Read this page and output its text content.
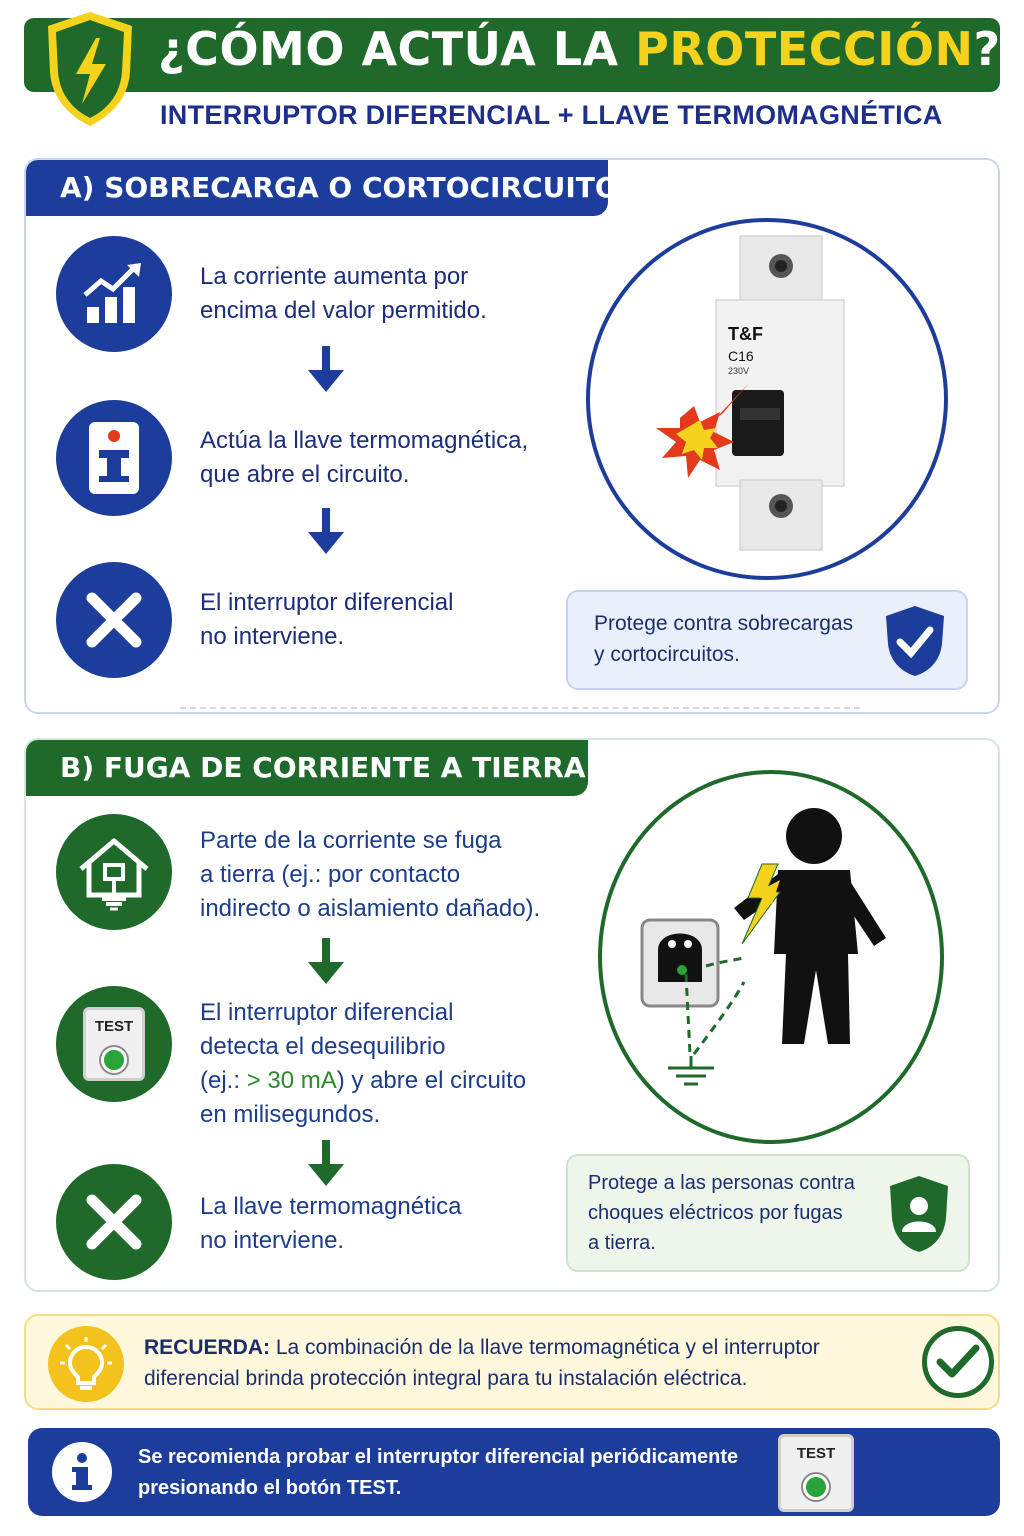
¿CÓMO ACTÚA LA PROTECCIÓN?
INTERRUPTOR DIFERENCIAL + LLAVE TERMOMAGNÉTICA
A) SOBRECARGA O CORTOCIRCUITO
La corriente aumenta por
encima del valor permitido.
Actúa la llave termomagnética,
que abre el circuito.
El interruptor diferencial
no interviene.
T&F
C16
230V
Protege contra sobrecargas
y cortocircuitos.
B) FUGA DE CORRIENTE A TIERRA
Parte de la corriente se fuga
a tierra (ej.: por contacto
indirecto o aislamiento dañado).
TEST
El interruptor diferencial
detecta el desequilibrio
(ej.: > 30 mA) y abre el circuito
en milisegundos.
La llave termomagnética
no interviene.
Protege a las personas contra
choques eléctricos por fugas
a tierra.
RECUERDA: La combinación de la llave termomagnética y el interruptor
diferencial brinda protección integral para tu instalación eléctrica.
Se recomienda probar el interruptor diferencial periódicamente
presionando el botón TEST.
TEST
